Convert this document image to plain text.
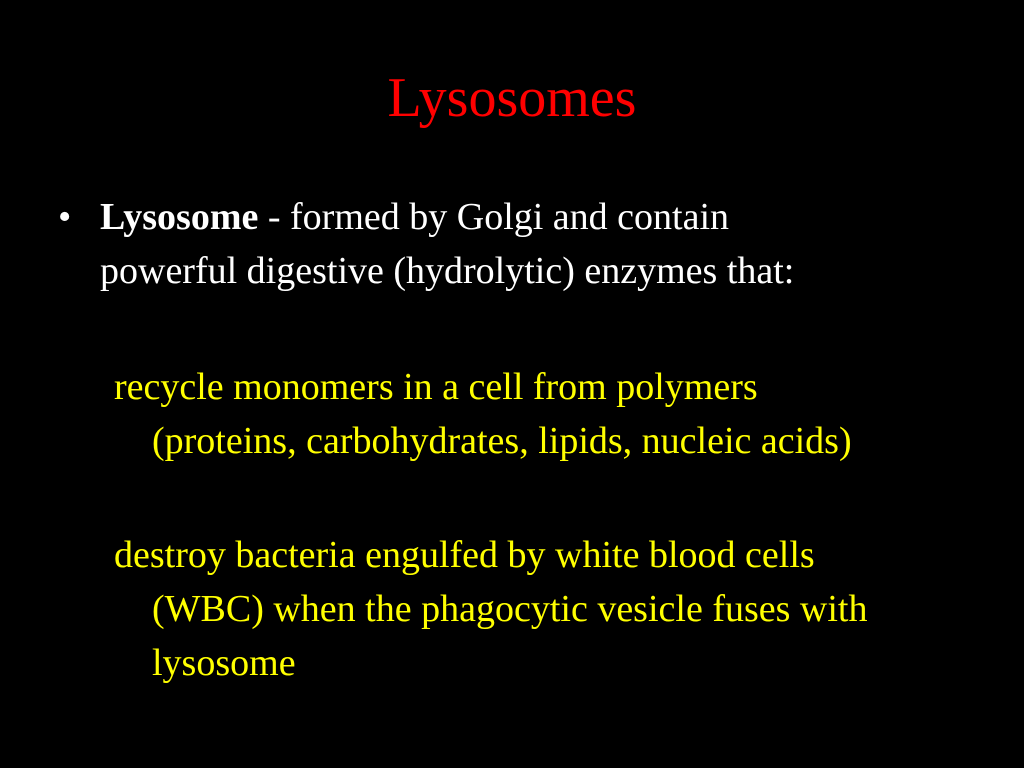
Lysosomes
• Lysosome - formed by Golgi and contain
powerful digestive (hydrolytic) enzymes that:
recycle monomers in a cell from polymers
(proteins, carbohydrates, lipids, nucleic acids)
destroy bacteria engulfed by white blood cells
(WBC) when the phagocytic vesicle fuses with
lysosome
